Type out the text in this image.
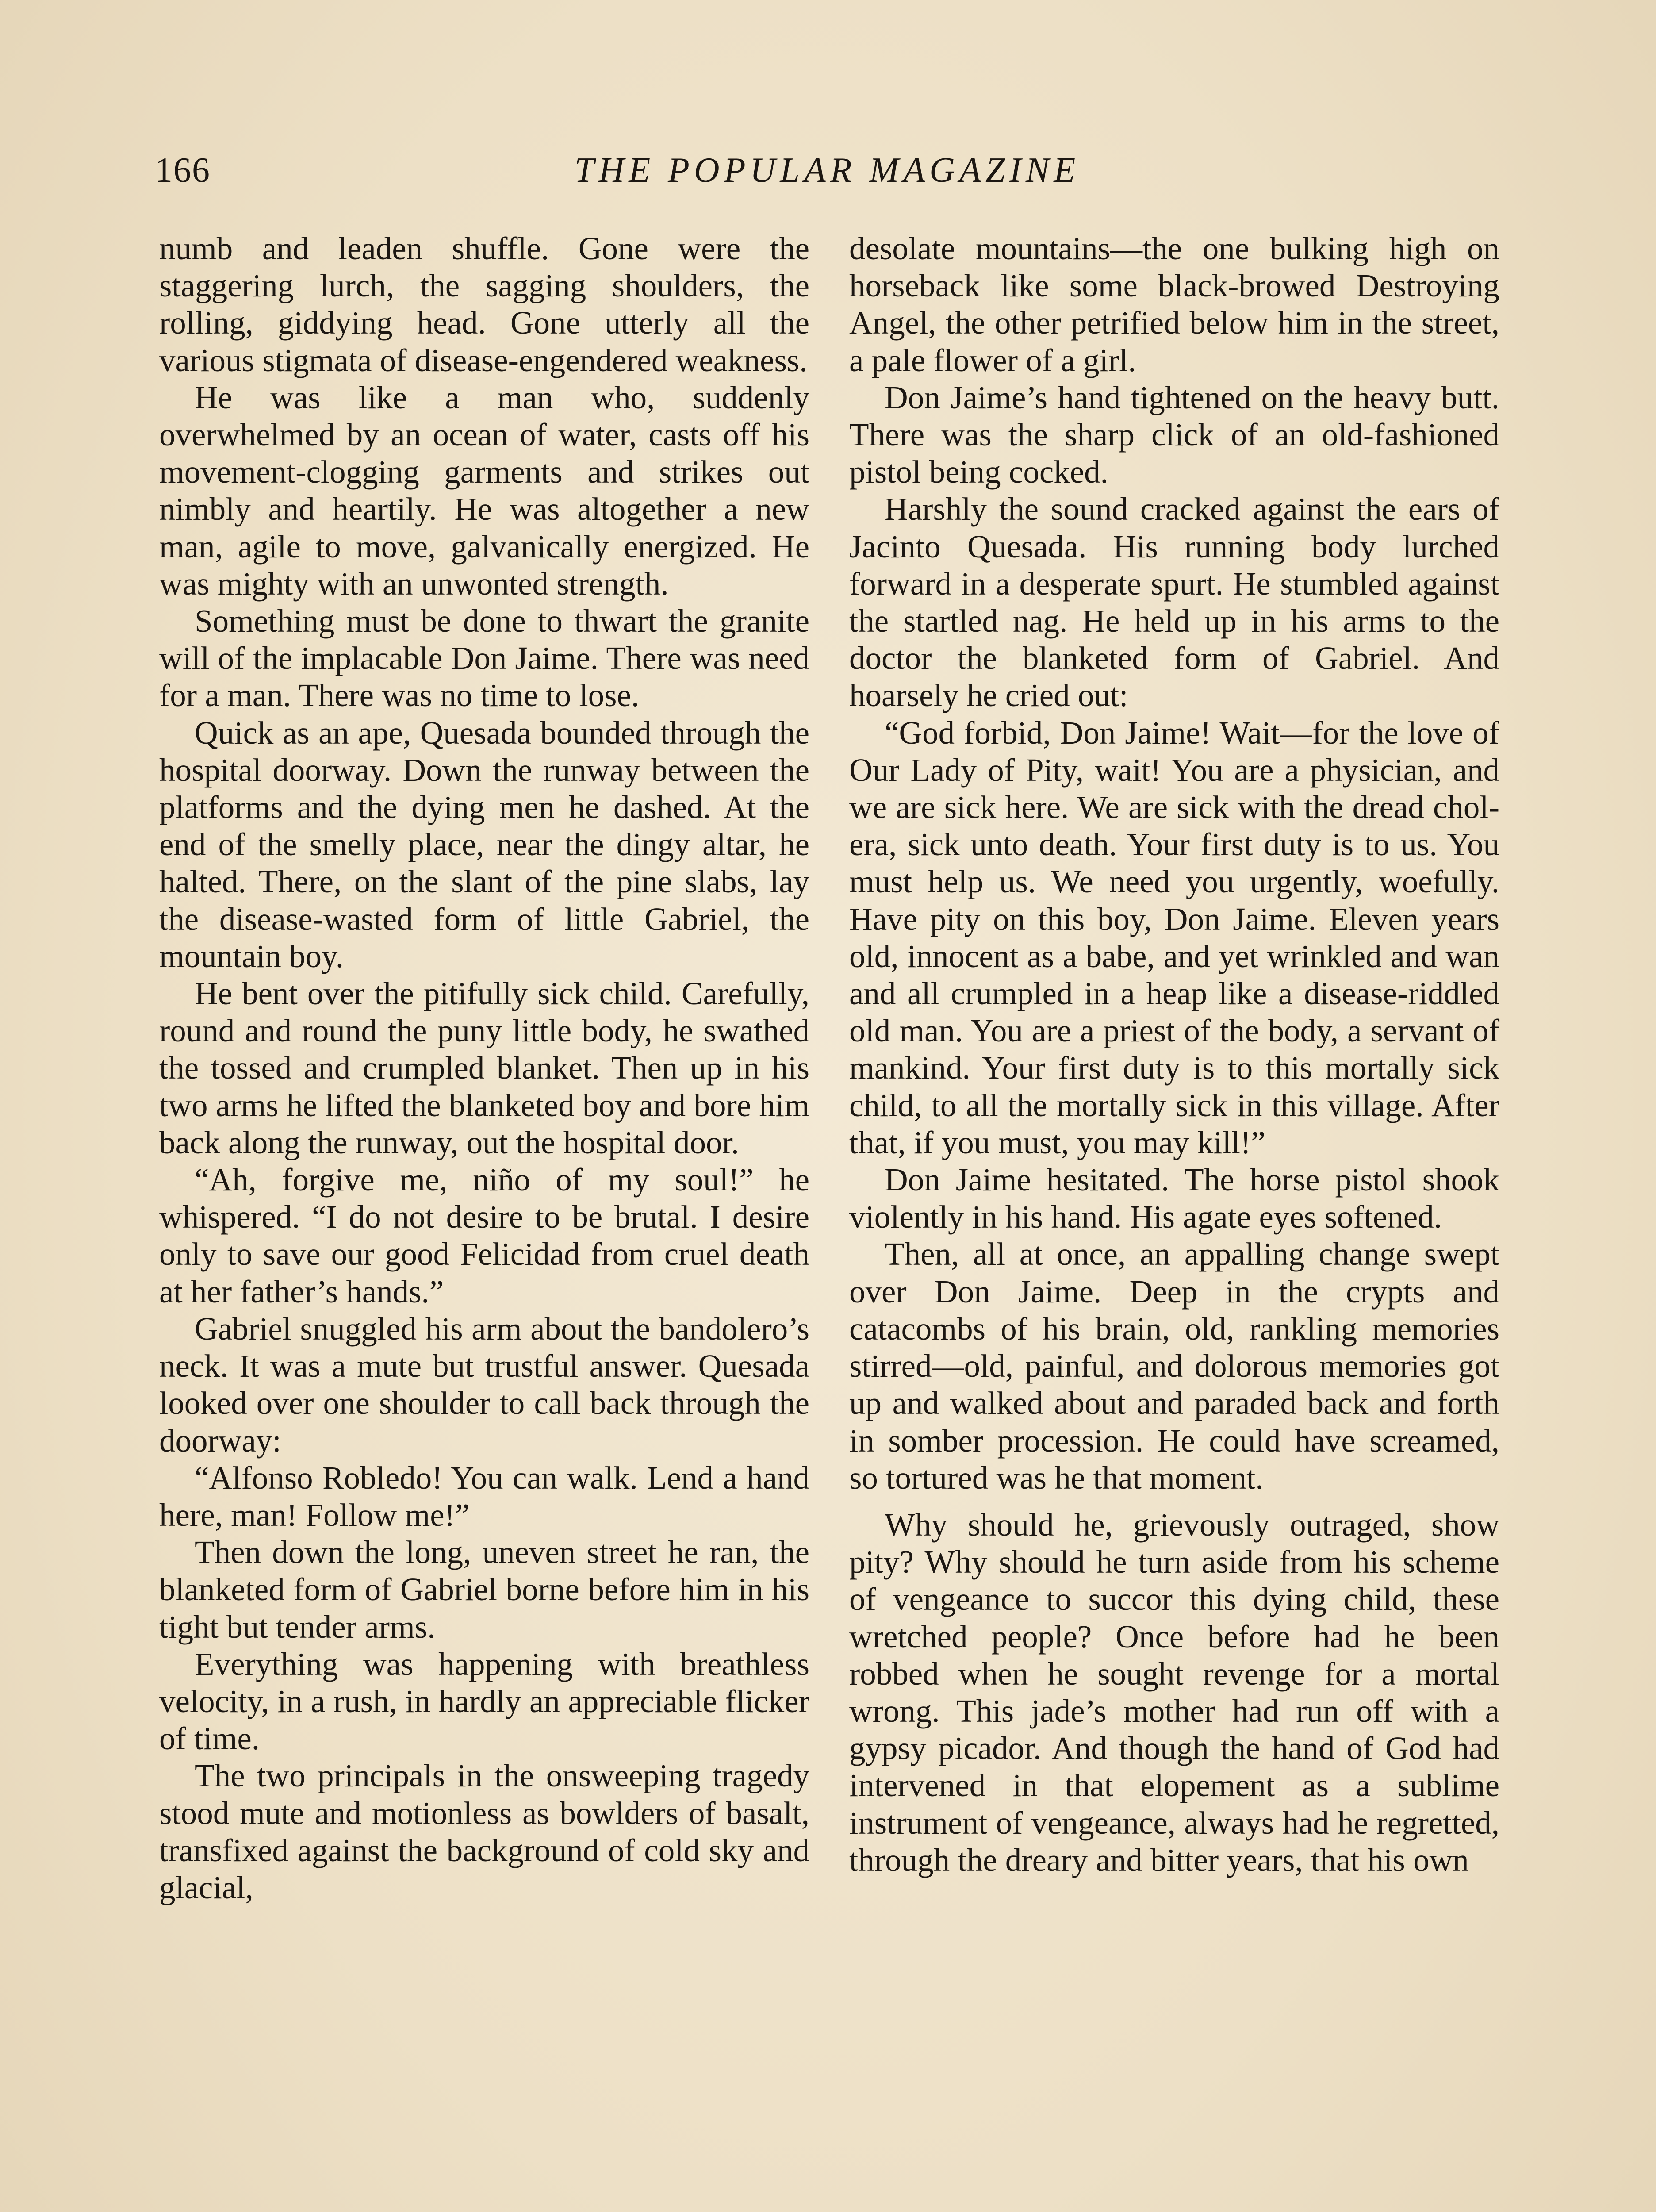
166	THE POPULAR MAGAZINE

numb and leaden shuffle. Gone were the staggering lurch, the sagging shoulders, the rolling, giddying head. Gone utterly all the various stigmata of disease-engendered weakness.

He was like a man who, suddenly overwhelmed by an ocean of water, casts off his movement-clogging garments and strikes out nimbly and heartily. He was altogether a new man, agile to move, galvanically energized. He was mighty with an unwonted strength.

Something must be done to thwart the granite will of the implacable Don Jaime. There was need for a man. There was no time to lose.

Quick as an ape, Quesada bounded through the hospital doorway. Down the runway between the platforms and the dying men he dashed. At the end of the smelly place, near the dingy altar, he halted. There, on the slant of the pine slabs, lay the disease-wasted form of little Gabriel, the mountain boy.

He bent over the pitifully sick child. Carefully, round and round the puny little body, he swathed the tossed and crumpled blanket. Then up in his two arms he lifted the blanketed boy and bore him back along the runway, out the hospital door.

“Ah, forgive me, niño of my soul!” he whispered. “I do not desire to be brutal. I desire only to save our good Felicidad from cruel death at her father’s hands.”

Gabriel snuggled his arm about the bandolero’s neck. It was a mute but trustful answer. Quesada looked over one shoulder to call back through the doorway:

“Alfonso Robledo! You can walk. Lend a hand here, man! Follow me!”

Then down the long, uneven street he ran, the blanketed form of Gabriel borne before him in his tight but tender arms.

Everything was happening with breathless velocity, in a rush, in hardly an appreciable flicker of time.

The two principals in the onsweeping tragedy stood mute and motionless as bowlders of basalt, transfixed against the background of cold sky and glacial,

desolate mountains—the one bulking high on horseback like some black-browed Destroying Angel, the other petrified below him in the street, a pale flower of a girl.

Don Jaime’s hand tightened on the heavy butt. There was the sharp click of an old-fashioned pistol being cocked.

Harshly the sound cracked against the ears of Jacinto Quesada. His running body lurched forward in a desperate spurt. He stumbled against the startled nag. He held up in his arms to the doctor the blanketed form of Gabriel. And hoarsely he cried out:

“God forbid, Don Jaime! Wait—for the love of Our Lady of Pity, wait! You are a physician, and we are sick here. We are sick with the dread cholera, sick unto death. Your first duty is to us. You must help us. We need you urgently, woefully. Have pity on this boy, Don Jaime. Eleven years old, innocent as a babe, and yet wrinkled and wan and all crumpled in a heap like a disease-riddled old man. You are a priest of the body, a servant of mankind. Your first duty is to this mortally sick child, to all the mortally sick in this village. After that, if you must, you may kill!”

Don Jaime hesitated. The horse pistol shook violently in his hand. His agate eyes softened.

Then, all at once, an appalling change swept over Don Jaime. Deep in the crypts and catacombs of his brain, old, rankling memories stirred—old, painful, and dolorous memories got up and walked about and paraded back and forth in somber procession. He could have screamed, so tortured was he that moment.

Why should he, grievously outraged, show pity? Why should he turn aside from his scheme of vengeance to succor this dying child, these wretched people? Once before had he been robbed when he sought revenge for a mortal wrong. This jade’s mother had run off with a gypsy picador. And though the hand of God had intervened in that elopement as a sublime instrument of vengeance, always had he regretted, through the dreary and bitter years, that his own
